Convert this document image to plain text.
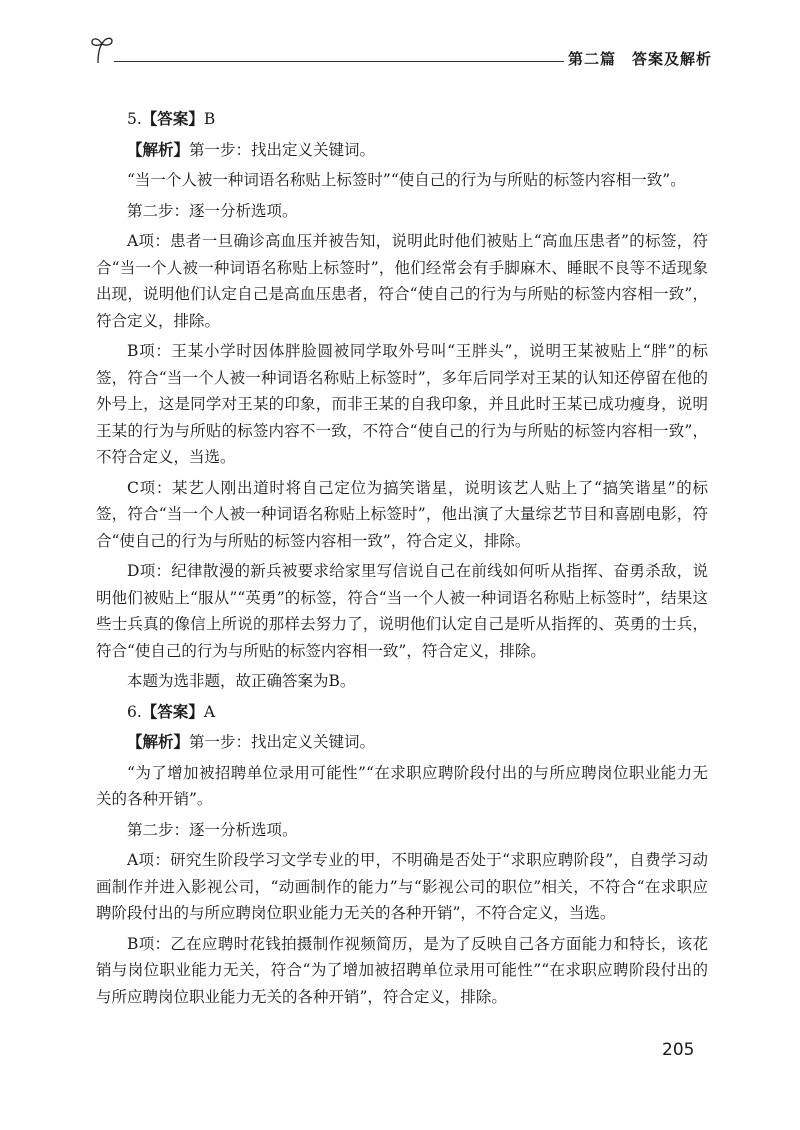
第二篇　答案及解析

5.【答案】B

【解析】第一步：找出定义关键词。

“当一个人被一种词语名称贴上标签时”“使自己的行为与所贴的标签内容相一致”。

第二步：逐一分析选项。

A项：患者一旦确诊高血压并被告知，说明此时他们被贴上“高血压患者”的标签，符合“当一个人被一种词语名称贴上标签时”，他们经常会有手脚麻木、睡眠不良等不适现象出现，说明他们认定自己是高血压患者，符合“使自己的行为与所贴的标签内容相一致”，符合定义，排除。

B项：王某小学时因体胖脸圆被同学取外号叫“王胖头”，说明王某被贴上“胖”的标签，符合“当一个人被一种词语名称贴上标签时”，多年后同学对王某的认知还停留在他的外号上，这是同学对王某的印象，而非王某的自我印象，并且此时王某已成功瘦身，说明王某的行为与所贴的标签内容不一致，不符合“使自己的行为与所贴的标签内容相一致”，不符合定义，当选。

C项：某艺人刚出道时将自己定位为搞笑谐星，说明该艺人贴上了“搞笑谐星”的标签，符合“当一个人被一种词语名称贴上标签时”，他出演了大量综艺节目和喜剧电影，符合“使自己的行为与所贴的标签内容相一致”，符合定义，排除。

D项：纪律散漫的新兵被要求给家里写信说自己在前线如何听从指挥、奋勇杀敌，说明他们被贴上“服从”“英勇”的标签，符合“当一个人被一种词语名称贴上标签时”，结果这些士兵真的像信上所说的那样去努力了，说明他们认定自己是听从指挥的、英勇的士兵，符合“使自己的行为与所贴的标签内容相一致”，符合定义，排除。

本题为选非题，故正确答案为B。

6.【答案】A

【解析】第一步：找出定义关键词。

“为了增加被招聘单位录用可能性”“在求职应聘阶段付出的与所应聘岗位职业能力无关的各种开销”。

第二步：逐一分析选项。

A项：研究生阶段学习文学专业的甲，不明确是否处于“求职应聘阶段”，自费学习动画制作并进入影视公司，“动画制作的能力”与“影视公司的职位”相关，不符合“在求职应聘阶段付出的与所应聘岗位职业能力无关的各种开销”，不符合定义，当选。

B项：乙在应聘时花钱拍摄制作视频简历，是为了反映自己各方面能力和特长，该花销与岗位职业能力无关，符合“为了增加被招聘单位录用可能性”“在求职应聘阶段付出的与所应聘岗位职业能力无关的各种开销”，符合定义，排除。

205
